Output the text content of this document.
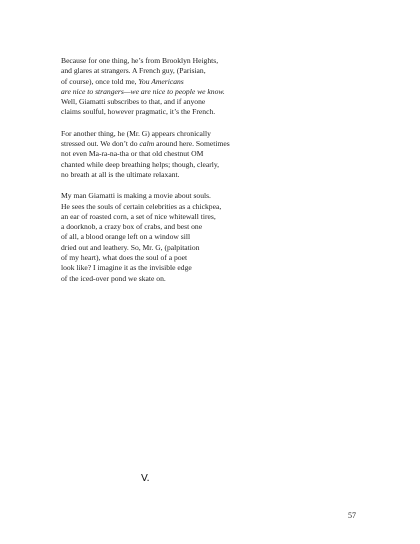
Because for one thing, he’s from Brooklyn Heights,
and glares at strangers. A French guy, (Parisian,
of course), once told me, You Americans
are nice to strangers—we are nice to people we know.
Well, Giamatti subscribes to that, and if anyone
claims soulful, however pragmatic, it’s the French.
For another thing, he (Mr. G) appears chronically
stressed out. We don’t do calm around here. Sometimes
not even Ma-ra-na-tha or that old chestnut OM
chanted while deep breathing helps; though, clearly,
no breath at all is the ultimate relaxant.
My man Giamatti is making a movie about souls.
He sees the souls of certain celebrities as a chickpea,
an ear of roasted corn, a set of nice whitewall tires,
a doorknob, a crazy box of crabs, and best one
of all, a blood orange left on a window sill
dried out and leathery. So, Mr. G, (palpitation
of my heart), what does the soul of a poet
look like? I imagine it as the invisible edge
of the iced-over pond we skate on.
V.
57
